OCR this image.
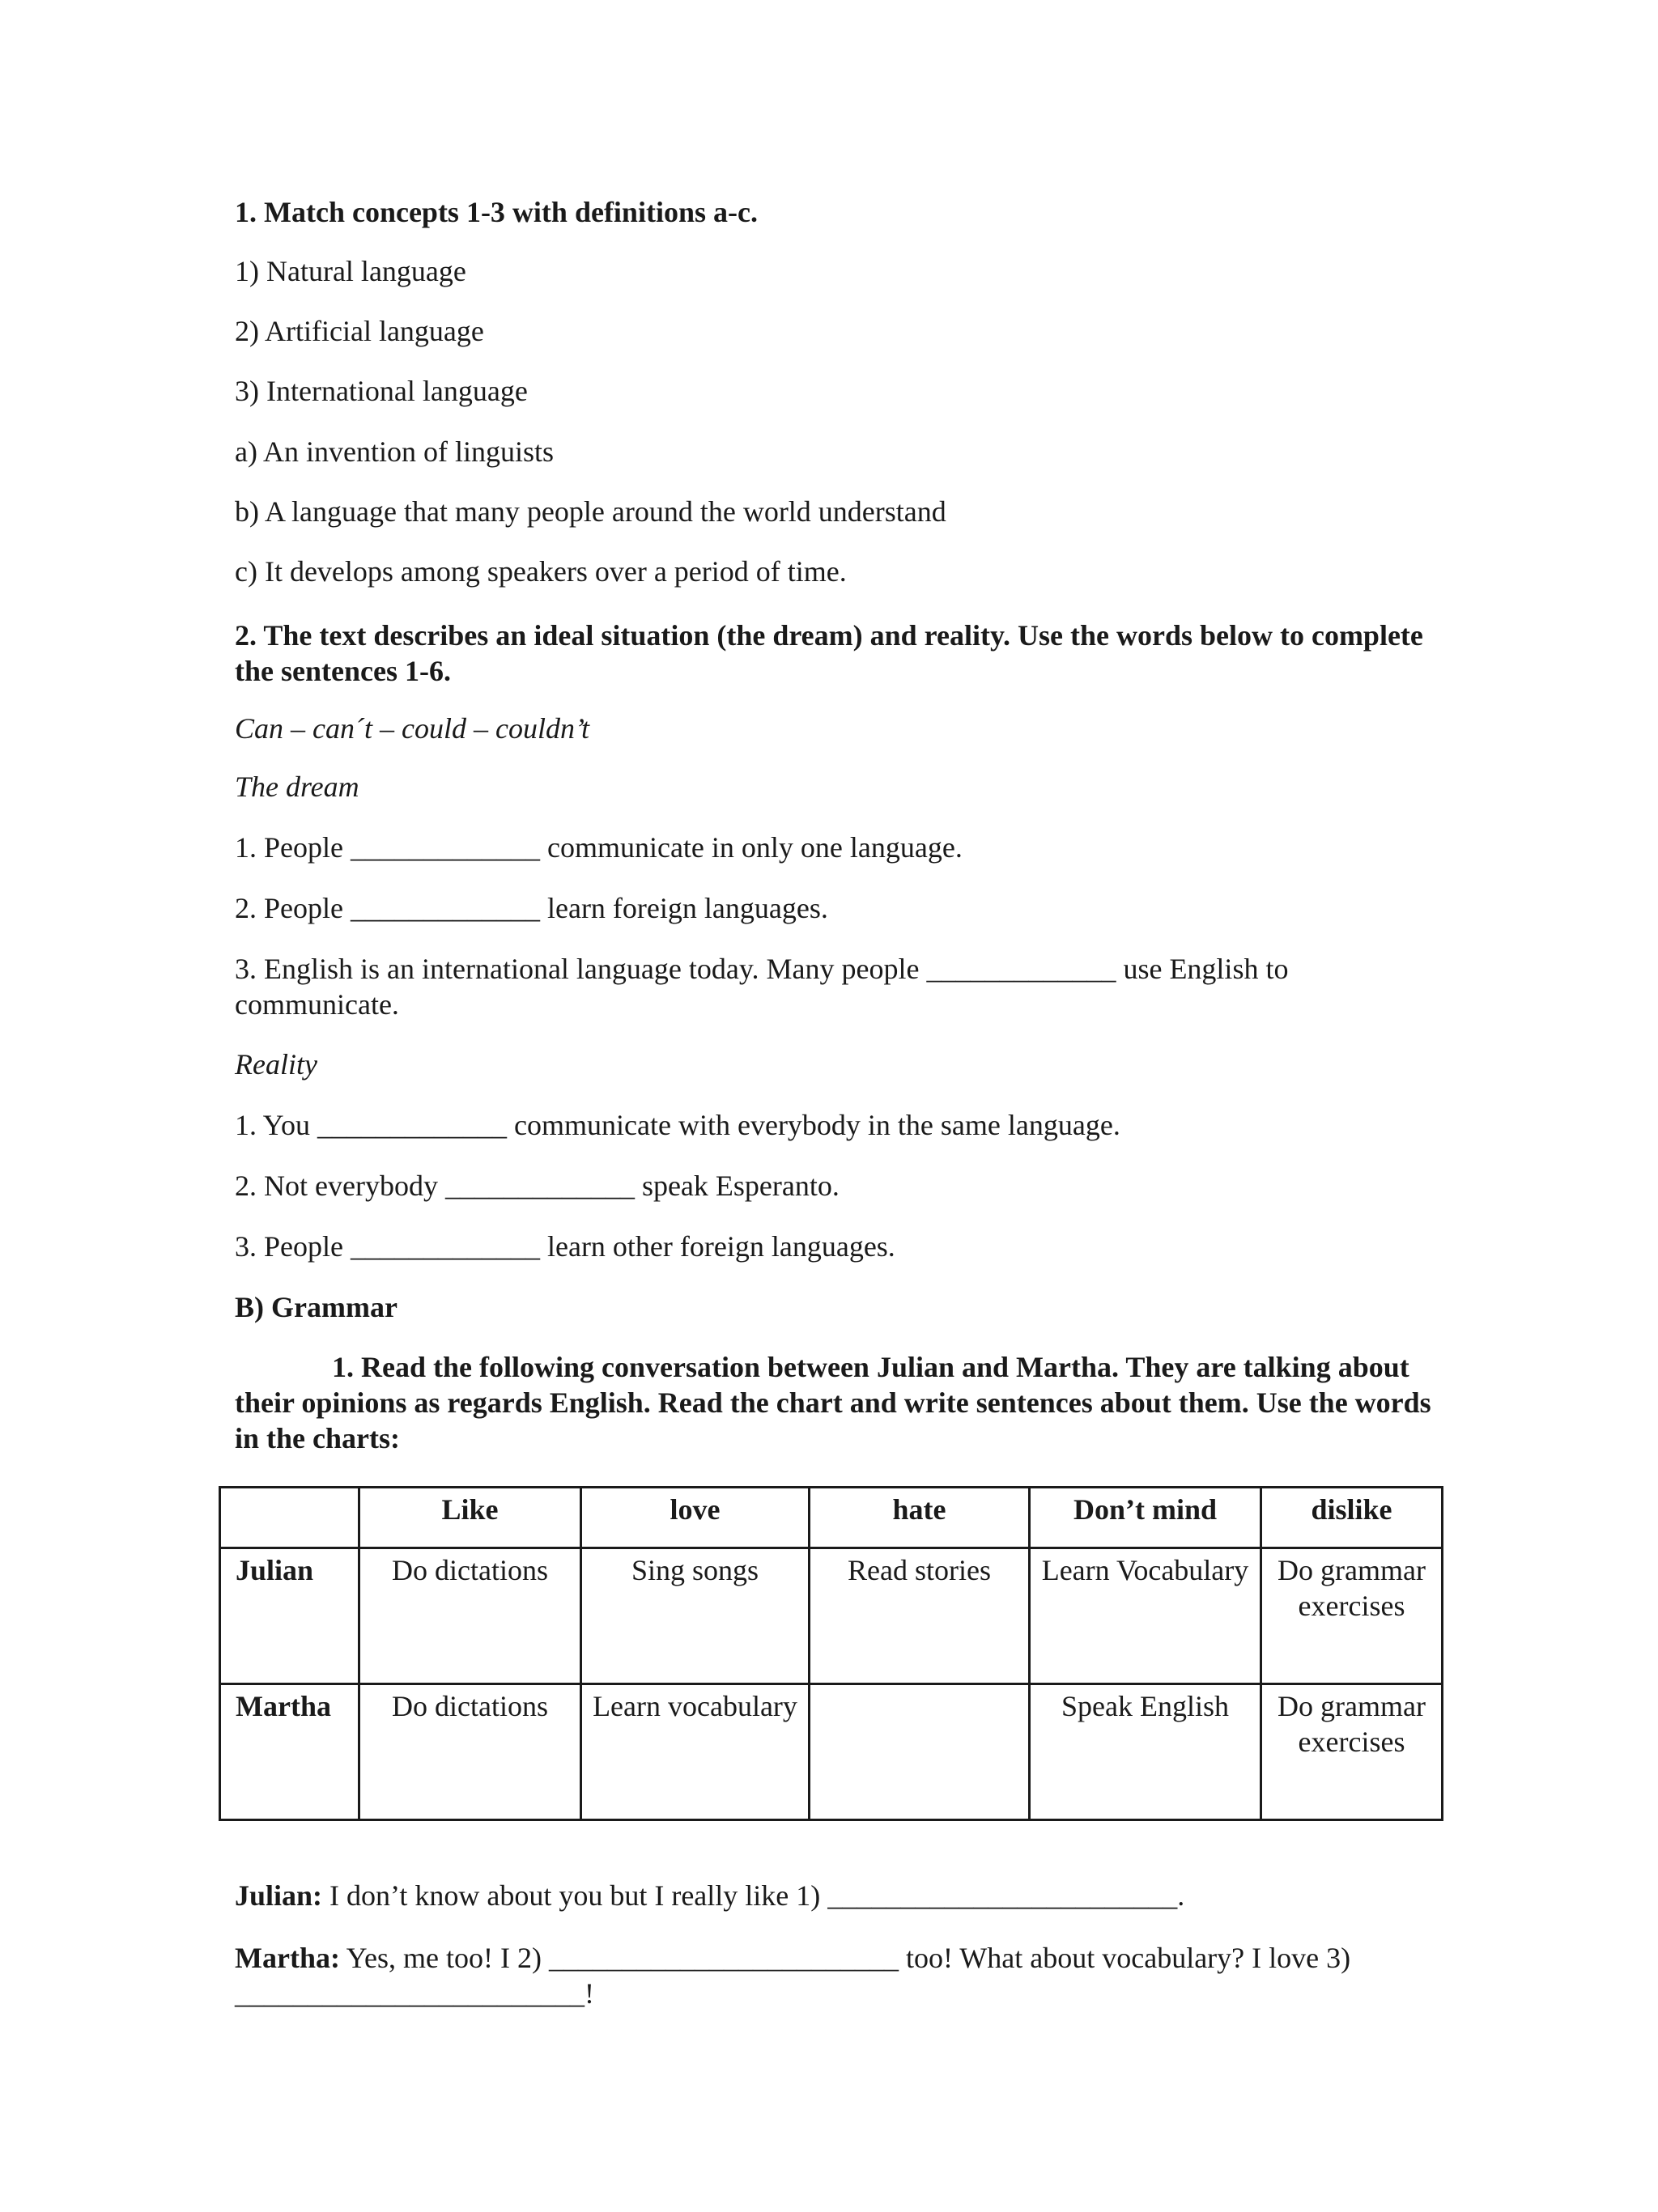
1. Match concepts 1-3 with definitions a-c.
1) Natural language
2) Artificial language
3) International language
a) An invention of linguists
b) A language that many people around the world understand
c) It develops among speakers over a period of time.
2. The text describes an ideal situation (the dream) and reality. Use the words below to complete the sentences 1-6.
Can – can´t – could – couldn’t
The dream
1. People _____________ communicate in only one language.
2. People _____________ learn foreign languages.
3. English is an international language today. Many people _____________ use English to communicate.
Reality
1. You _____________ communicate with everybody in the same language.
2. Not everybody _____________ speak Esperanto.
3. People _____________ learn other foreign languages.
B) Grammar
1. Read the following conversation between Julian and Martha. They are talking about their opinions as regards English. Read the chart and write sentences about them. Use the words in the charts:
	Like	love	hate	Don’t mind	dislike
Julian	Do dictations	Sing songs	Read stories	Learn Vocabulary	Do grammar exercises
Martha	Do dictations	Learn vocabulary		Speak English	Do grammar exercises
Julian: I don’t know about you but I really like 1) ________________________.
Martha: Yes, me too! I 2) ________________________ too! What about vocabulary? I love 3) ________________________!
